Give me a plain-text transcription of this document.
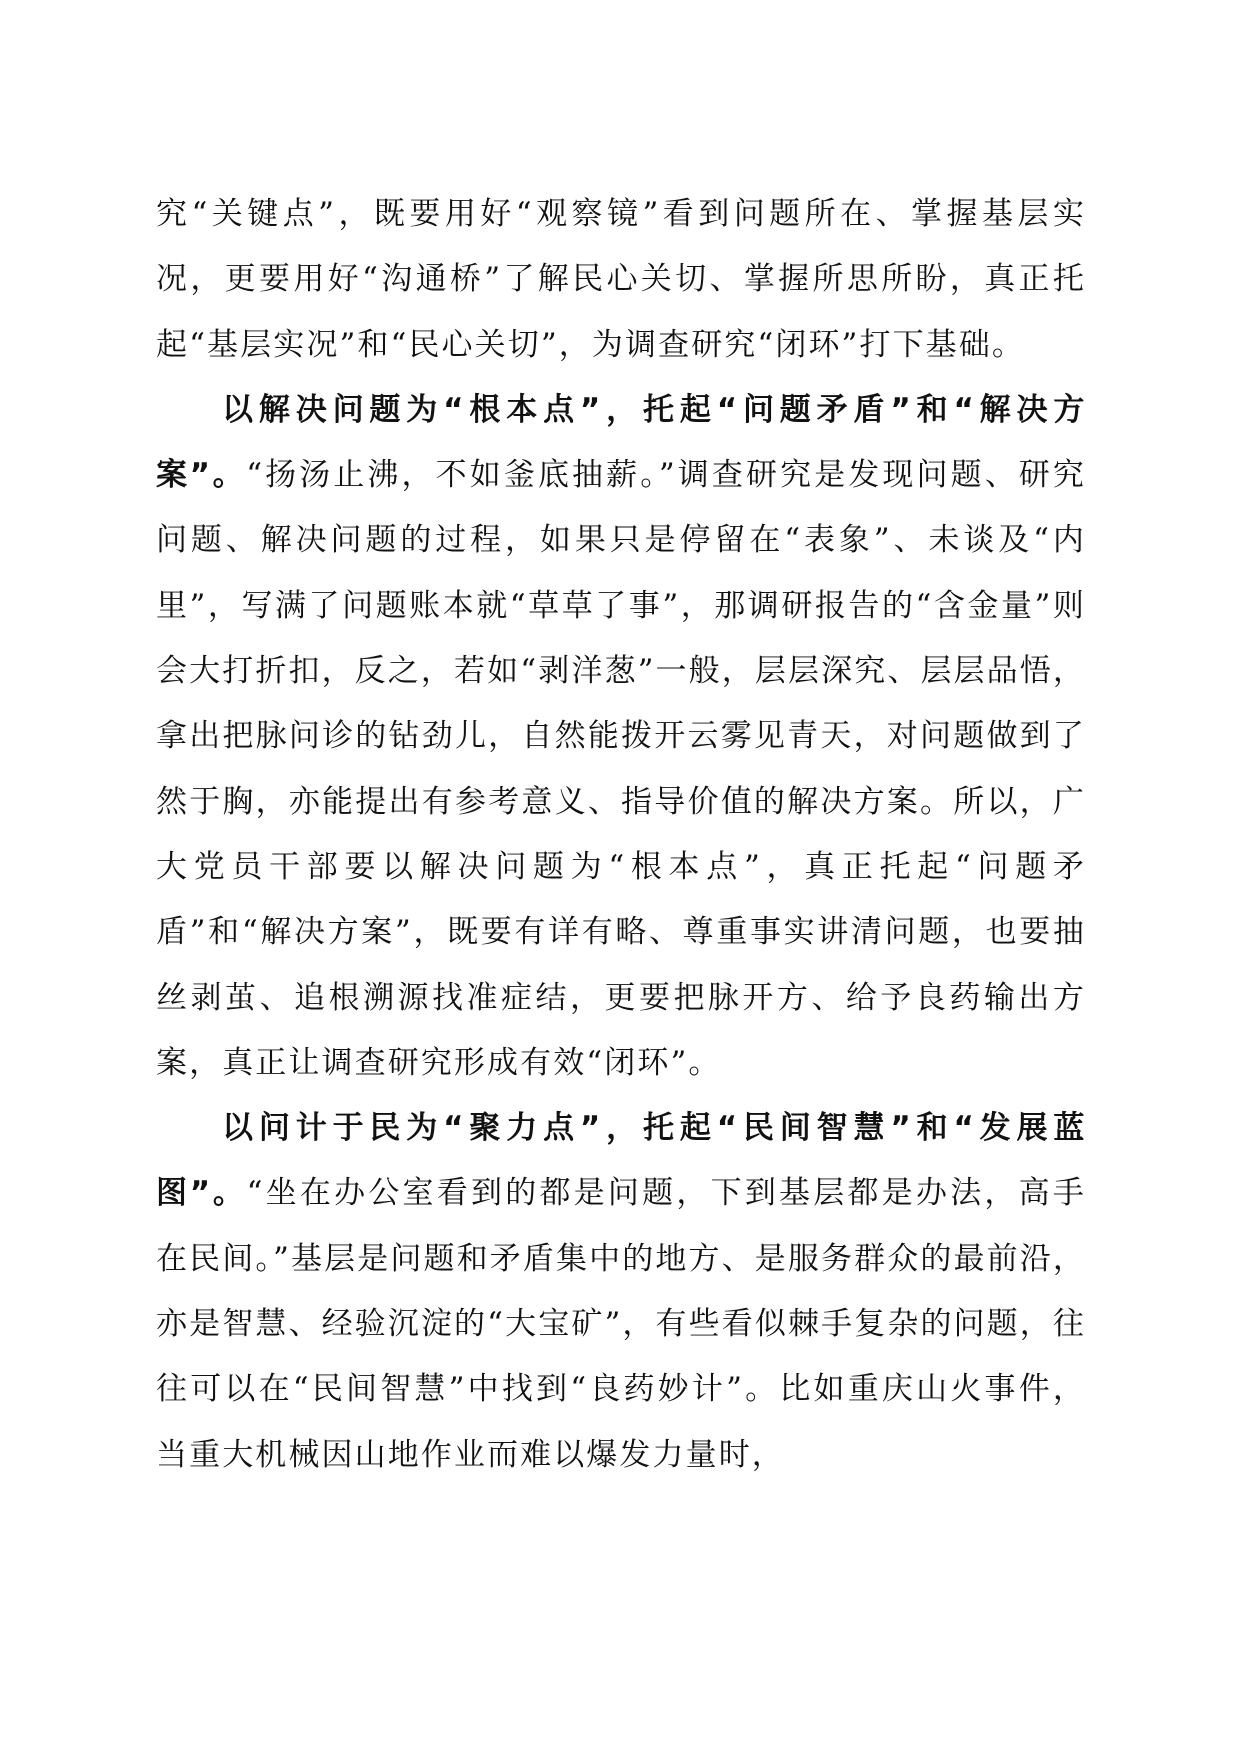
究“关键点”，既要用好“观察镜”看到问题所在、掌握基层实况，更要用好“沟通桥”了解民心关切、掌握所思所盼，真正托起“基层实况”和“民心关切”，为调查研究“闭环”打下基础。

以解决问题为“根本点”，托起“问题矛盾”和“解决方案”。“扬汤止沸，不如釜底抽薪。”调查研究是发现问题、研究问题、解决问题的过程，如果只是停留在“表象”、未谈及“内里”，写满了问题账本就“草草了事”，那调研报告的“含金量”则会大打折扣，反之，若如“剥洋葱”一般，层层深究、层层品悟，拿出把脉问诊的钻劲儿，自然能拨开云雾见青天，对问题做到了然于胸，亦能提出有参考意义、指导价值的解决方案。所以，广大党员干部要以解决问题为“根本点”，真正托起“问题矛盾”和“解决方案”，既要有详有略、尊重事实讲清问题，也要抽丝剥茧、追根溯源找准症结，更要把脉开方、给予良药输出方案，真正让调查研究形成有效“闭环”。

以问计于民为“聚力点”，托起“民间智慧”和“发展蓝图”。“坐在办公室看到的都是问题，下到基层都是办法，高手在民间。”基层是问题和矛盾集中的地方、是服务群众的最前沿，亦是智慧、经验沉淀的“大宝矿”，有些看似棘手复杂的问题，往往可以在“民间智慧”中找到“良药妙计”。比如重庆山火事件，当重大机械因山地作业而难以爆发力量时，
